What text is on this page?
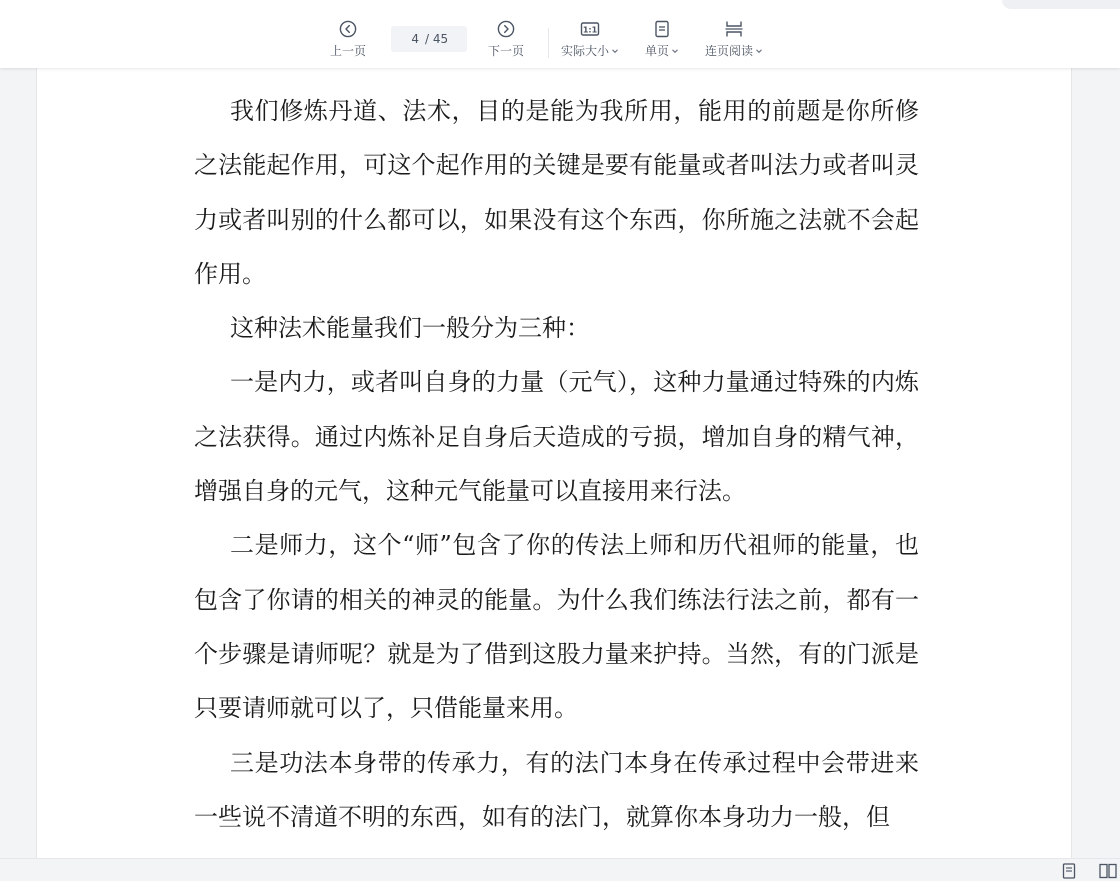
上一页
4 / 45
下一页
1:1
实际大小	单页	连页阅读

我们修炼丹道、法术，目的是能为我所用，能用的前题是你所修之法能起作用，可这个起作用的关键是要有能量或者叫法力或者叫灵力或者叫别的什么都可以，如果没有这个东西，你所施之法就不会起作用。

这种法术能量我们一般分为三种：

一是内力，或者叫自身的力量（元气），这种力量通过特殊的内炼之法获得。通过内炼补足自身后天造成的亏损，增加自身的精气神，增强自身的元气，这种元气能量可以直接用来行法。

二是师力，这个“师”包含了你的传法上师和历代祖师的能量，也包含了你请的相关的神灵的能量。为什么我们练法行法之前，都有一个步骤是请师呢？就是为了借到这股力量来护持。当然，有的门派是只要请师就可以了，只借能量来用。

三是功法本身带的传承力，有的法门本身在传承过程中会带进来一些说不清道不明的东西，如有的法门，就算你本身功力一般，但
